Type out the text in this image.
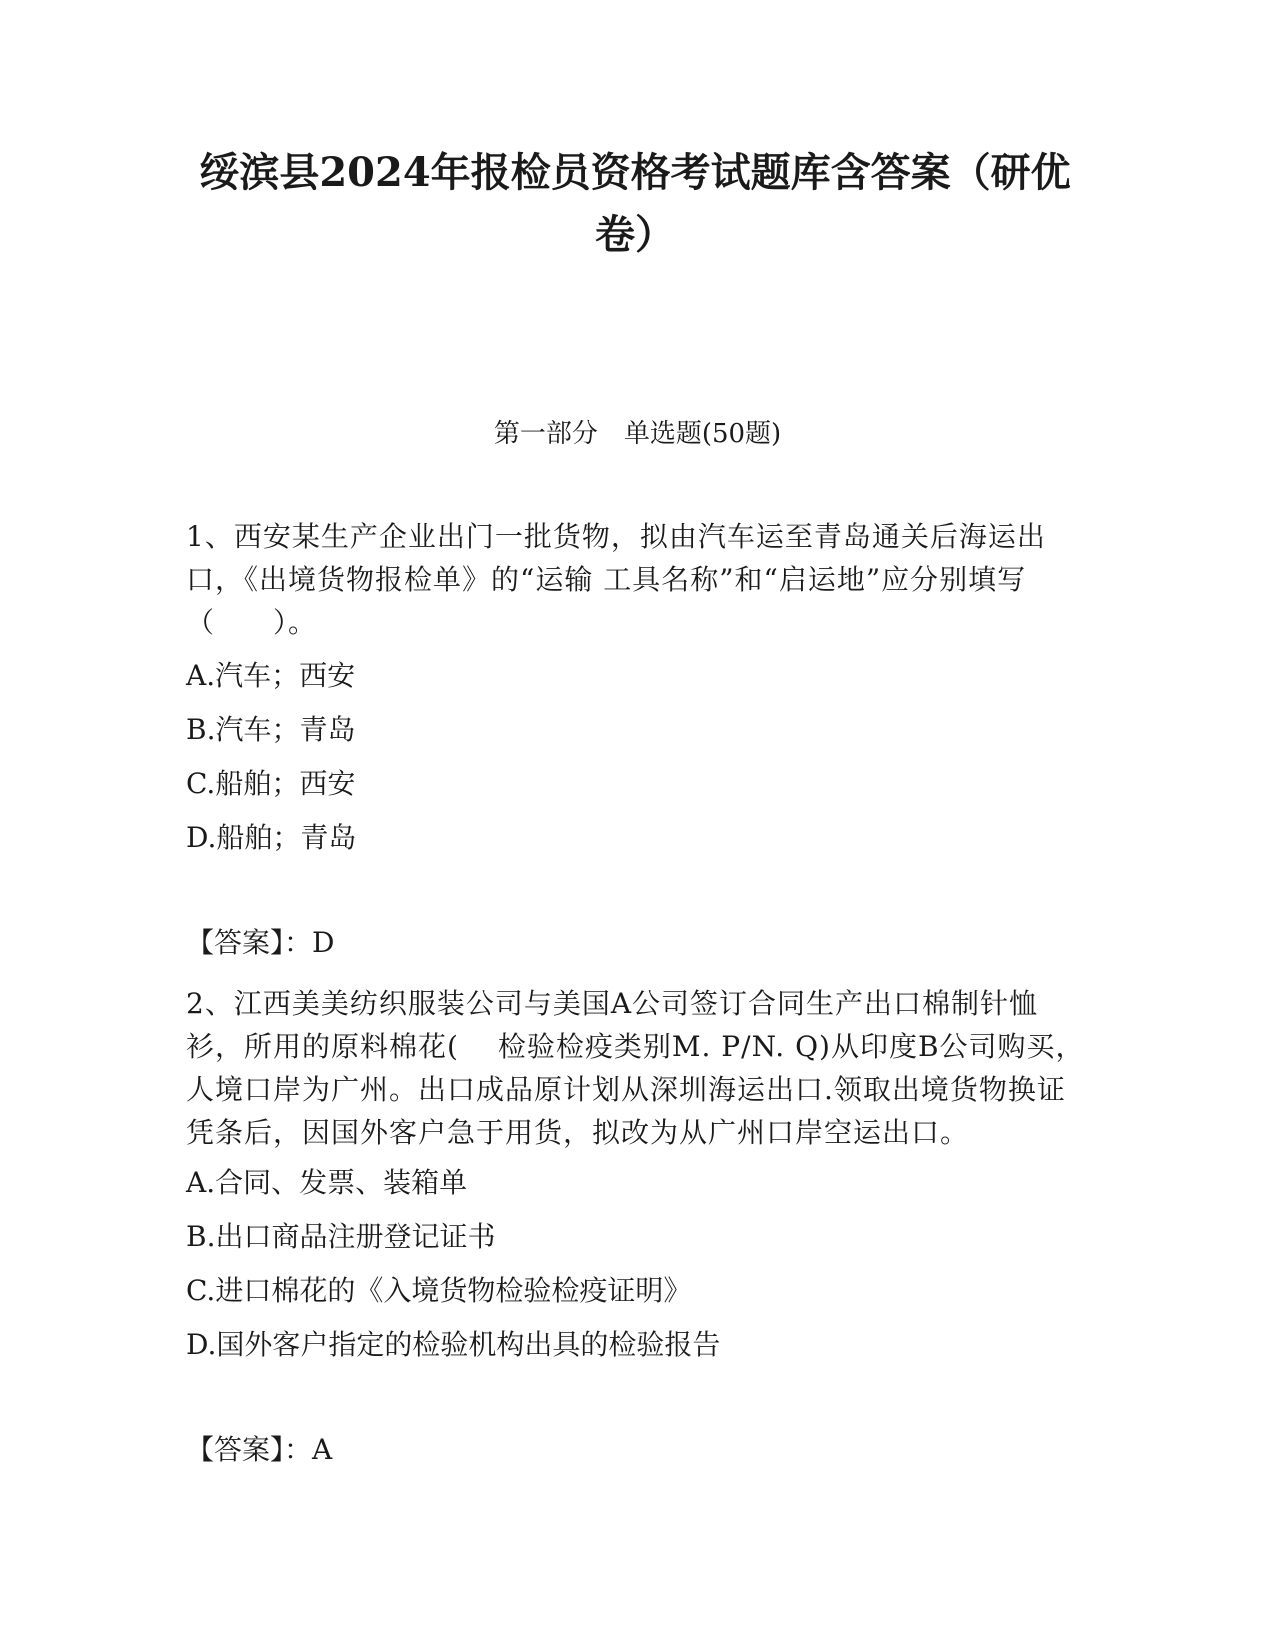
绥滨县2024年报检员资格考试题库含答案（研优卷）
第一部分　单选题(50题)
1、西安某生产企业出门一批货物，拟由汽车运至青岛通关后海运出口，《出境货物报检单》的“运输 工具名称”和“启运地”应分别填写（　　）。
A.汽车；西安
B.汽车；青岛
C.船舶；西安
D.船舶；青岛
【答案】：D
2、江西美美纺织服装公司与美国A公司签订合同生产出口棉制针恤衫，所用的原料棉花(　 检验检疫类别M. P/N. Q)从印度B公司购买，人境口岸为广州。出口成品原计划从深圳海运出口.领取出境货物换证凭条后，因国外客户急于用货，拟改为从广州口岸空运出口。
A.合同、发票、装箱单
B.出口商品注册登记证书
C.进口棉花的《入境货物检验检疫证明》
D.国外客户指定的检验机构出具的检验报告
【答案】：A
